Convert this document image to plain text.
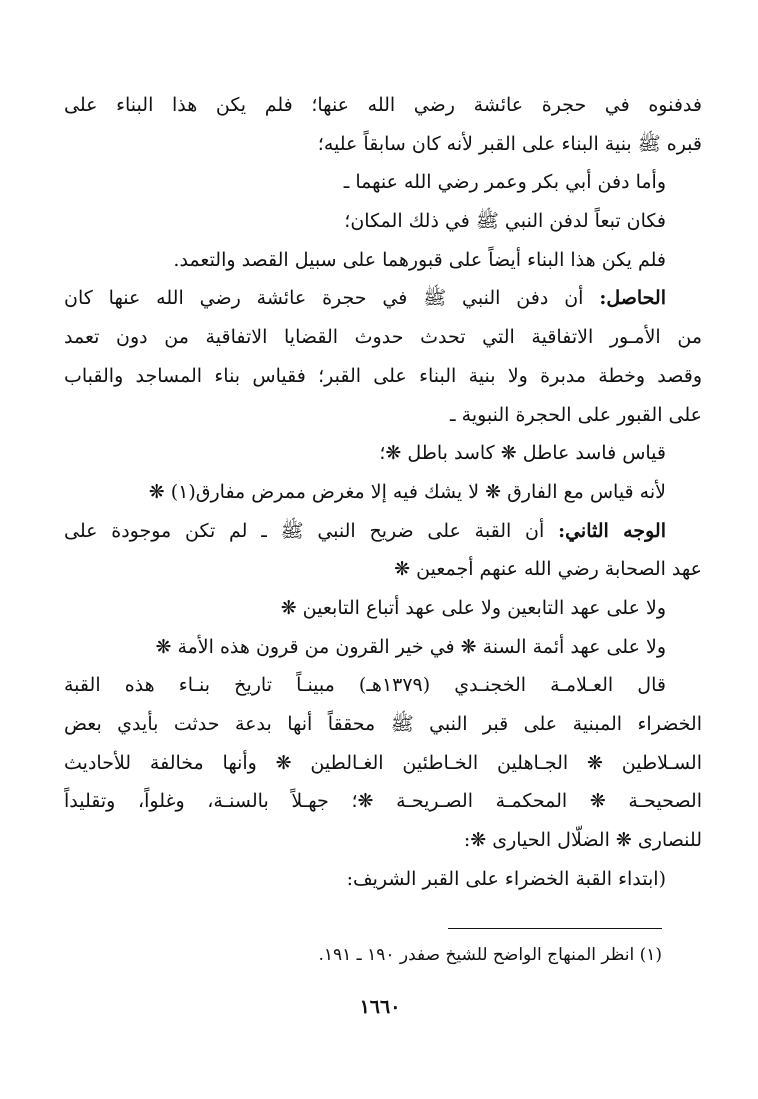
فدفنوه في حجرة عائشة رضي الله عنها؛ فلم يكن هذا البناء على
قبره ﷺ بنية البناء على القبر لأنه كان سابقاً عليه؛
وأما دفن أبي بكر وعمر رضي الله عنهما ـ
فكان تبعاً لدفن النبي ﷺ في ذلك المكان؛
فلم يكن هذا البناء أيضاً على قبورهما على سبيل القصد والتعمد.
الحاصل: أن دفن النبي ﷺ في حجرة عائشة رضي الله عنها كان
من الأمـور الاتفاقية التي تحدث حدوث القضايا الاتفاقية من دون تعمد
وقصد وخطة مدبرة ولا بنية البناء على القبر؛ فقياس بناء المساجد والقباب
على القبور على الحجرة النبوية ـ
قياس فاسد عاطل ❋ كاسد باطل ❋؛
لأنه قياس مع الفارق ❋ لا يشك فيه إلا مغرض ممرض مفارق(١) ❋
الوجه الثاني: أن القبة على ضريح النبي ﷺ ـ لم تكن موجودة على
عهد الصحابة رضي الله عنهم أجمعين ❋
ولا على عهد التابعين ولا على عهد أتباع التابعين ❋
ولا على عهد أئمة السنة ❋ في خير القرون من قرون هذه الأمة ❋
قال العـلامـة الخجنـدي (١٣٧٩هـ) مبينـاً تاريخ بنـاء هذه القبة
الخضراء المبنية على قبر النبي ﷺ محققاً أنها بدعة حدثت بأيدي بعض
السـلاطين ❋ الجـاهلين الخـاطئين الغـالطين ❋ وأنها مخالفة للأحاديث
الصحيحـة ❋ المحكمـة الصـريحـة ❋؛ جهـلاً بالسنـة، وغلواً، وتقليداً
للنصارى ❋ الضلّال الحيارى ❋:
(ابتداء القبة الخضراء على القبر الشريف:
(١) انظر المنهاج الواضح للشيخ صفدر ١٩٠ ـ ١٩١.
١٦٦٠
